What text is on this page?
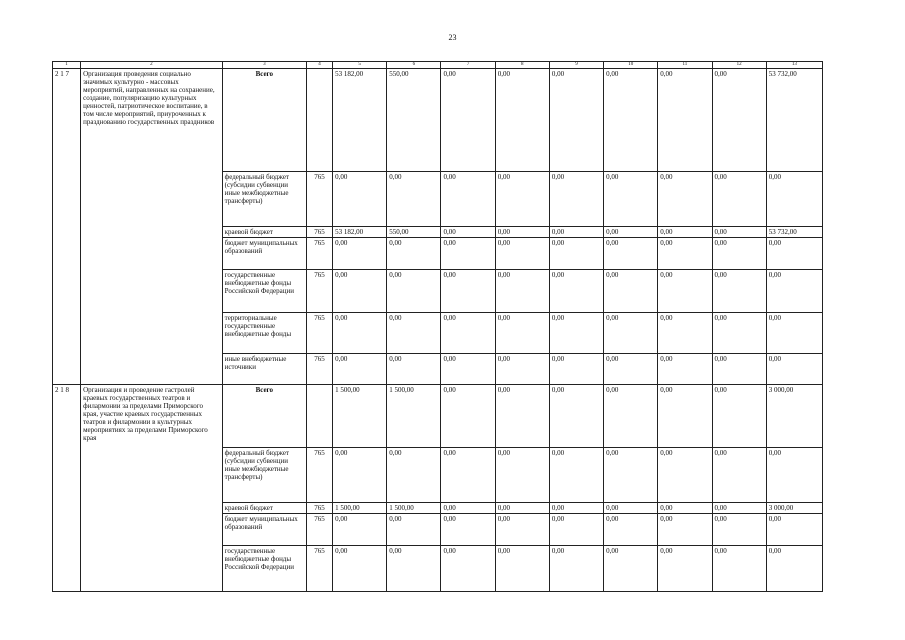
23
1	2	3	4	5	6	7	8	9	10	11	12	13
2 1 7	Организация проведения социально значимых культурно - массовых мероприятий, направленных на сохранение, создание, популяризацию культурных ценностей, патриотическое воспитание, в том числе мероприятий, приуроченных к празднованию государственных праздников	Всего		53 182,00	550,00	0,00	0,00	0,00	0,00	0,00	0,00	53 732,00
		федеральный бюджет (субсидии субвенции иные межбюджетные трансферты)	765	0,00	0,00	0,00	0,00	0,00	0,00	0,00	0,00	0,00
		краевой бюджет	765	53 182,00	550,00	0,00	0,00	0,00	0,00	0,00	0,00	53 732,00
		бюджет муниципальных образований	765	0,00	0,00	0,00	0,00	0,00	0,00	0,00	0,00	0,00
		государственные внебюджетные фонды Российской Федерации	765	0,00	0,00	0,00	0,00	0,00	0,00	0,00	0,00	0,00
		территориальные государственные внебюджетные фонды	765	0,00	0,00	0,00	0,00	0,00	0,00	0,00	0,00	0,00
		иные внебюджетные источники	765	0,00	0,00	0,00	0,00	0,00	0,00	0,00	0,00	0,00
2 1 8	Организация и проведение гастролей краевых государственных театров и филармонии за пределами Приморского края, участие краевых государственных театров и филармонии в культурных мероприятиях за пределами Приморского края	Всего		1 500,00	1 500,00	0,00	0,00	0,00	0,00	0,00	0,00	3 000,00
		федеральный бюджет (субсидии субвенции иные межбюджетные трансферты)	765	0,00	0,00	0,00	0,00	0,00	0,00	0,00	0,00	0,00
		краевой бюджет	765	1 500,00	1 500,00	0,00	0,00	0,00	0,00	0,00	0,00	3 000,00
		бюджет муниципальных образований	765	0,00	0,00	0,00	0,00	0,00	0,00	0,00	0,00	0,00
		государственные внебюджетные фонды Российской Федерации	765	0,00	0,00	0,00	0,00	0,00	0,00	0,00	0,00	0,00
